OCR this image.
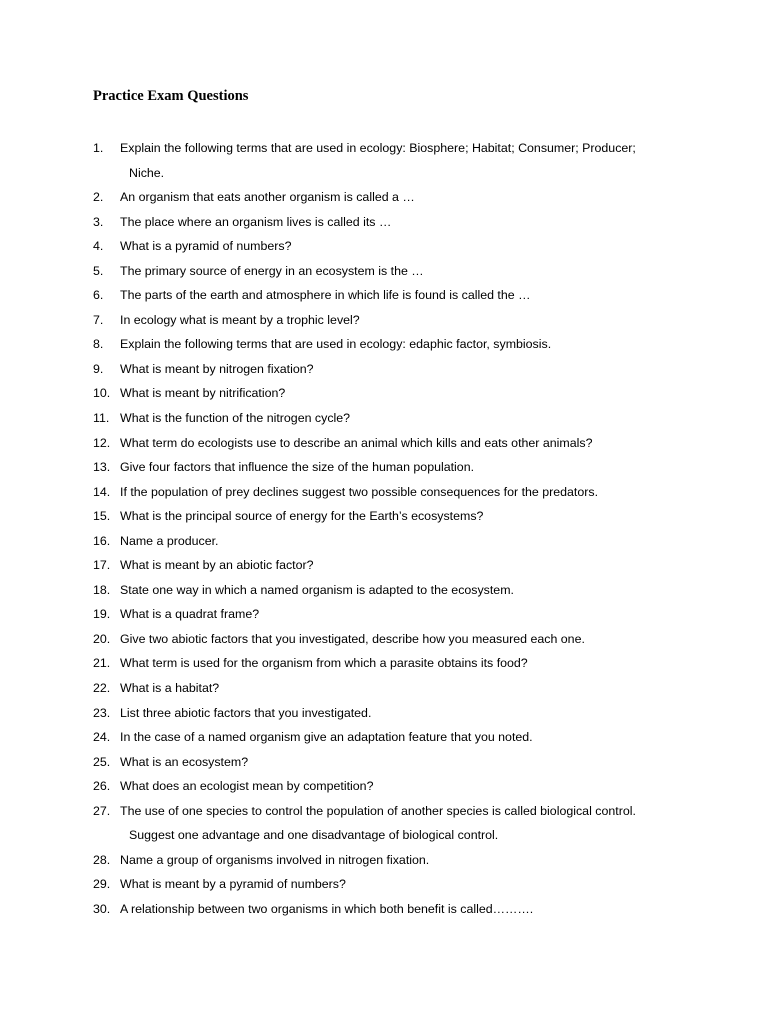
Practice Exam Questions
1. Explain the following terms that are used in ecology: Biosphere; Habitat; Consumer; Producer;
Niche.
2. An organism that eats another organism is called a …
3. The place where an organism lives is called its …
4. What is a pyramid of numbers?
5. The primary source of energy in an ecosystem is the …
6. The parts of the earth and atmosphere in which life is found is called the …
7. In ecology what is meant by a trophic level?
8. Explain the following terms that are used in ecology: edaphic factor, symbiosis.
9. What is meant by nitrogen fixation?
10. What is meant by nitrification?
11. What is the function of the nitrogen cycle?
12. What term do ecologists use to describe an animal which kills and eats other animals?
13. Give four factors that influence the size of the human population.
14. If the population of prey declines suggest two possible consequences for the predators.
15. What is the principal source of energy for the Earth’s ecosystems?
16. Name a producer.
17. What is meant by an abiotic factor?
18. State one way in which a named organism is adapted to the ecosystem.
19. What is a quadrat frame?
20. Give two abiotic factors that you investigated, describe how you measured each one.
21. What term is used for the organism from which a parasite obtains its food?
22. What is a habitat?
23. List three abiotic factors that you investigated.
24. In the case of a named organism give an adaptation feature that you noted.
25. What is an ecosystem?
26. What does an ecologist mean by competition?
27. The use of one species to control the population of another species is called biological control.
Suggest one advantage and one disadvantage of biological control.
28. Name a group of organisms involved in nitrogen fixation.
29. What is meant by a pyramid of numbers?
30. A relationship between two organisms in which both benefit is called……….
